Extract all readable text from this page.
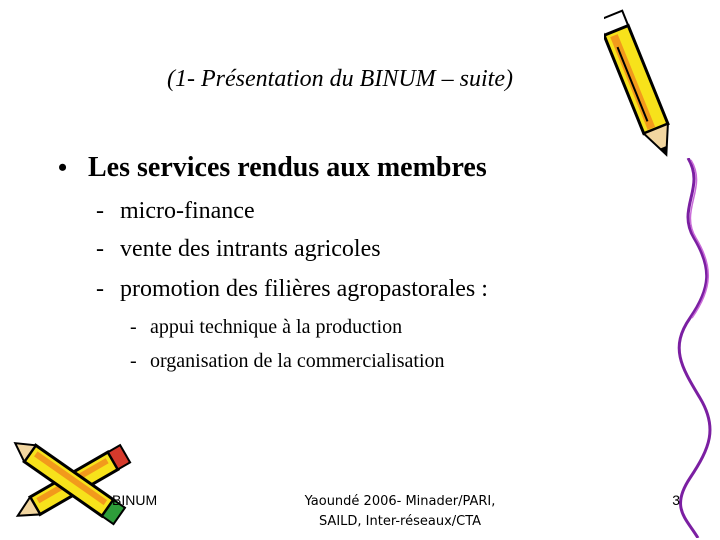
(1- Présentation du BINUM – suite)
• Les services rendus aux membres
- micro-finance
- vente des intrants agricoles
- promotion des filières agropastorales :
- appui technique à la production
- organisation de la commercialisation
BINUM	Yaoundé 2006- Minader/PARI,
SAILD, Inter-réseaux/CTA
3
